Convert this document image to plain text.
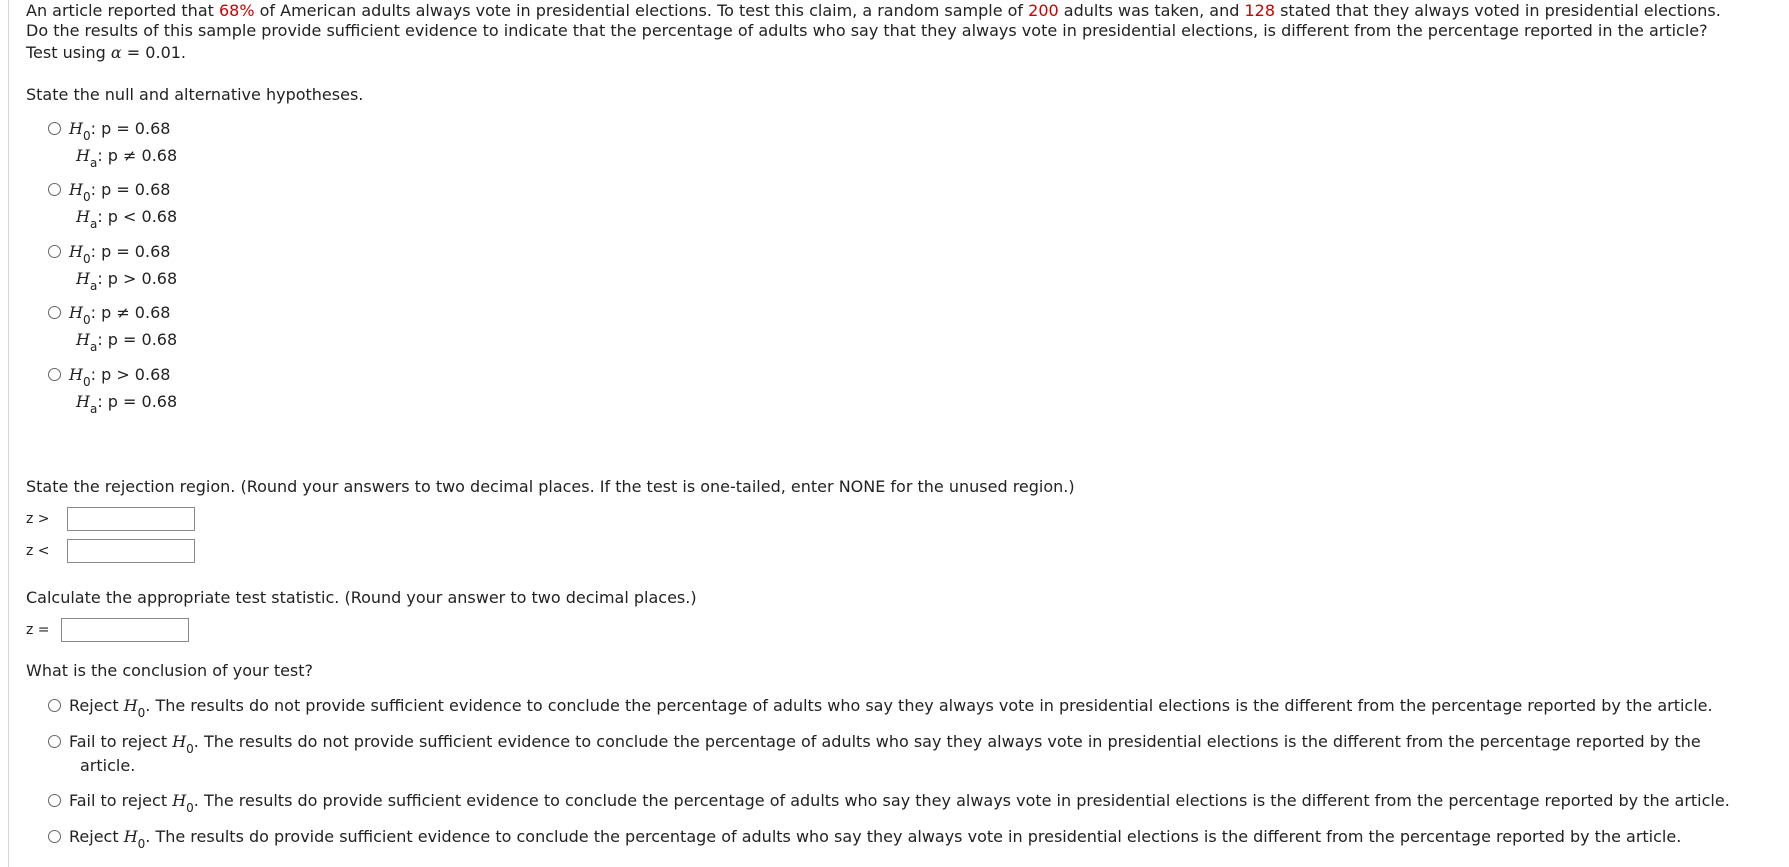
An article reported that 68% of American adults always vote in presidential elections. To test this claim, a random sample of 200 adults was taken, and 128 stated that they always voted in presidential elections.
Do the results of this sample provide sufficient evidence to indicate that the percentage of adults who say that they always vote in presidential elections, is different from the percentage reported in the article?
Test using α = 0.01.
State the null and alternative hypotheses.
$H_0$: p = 0.68
$H_a$: p ≠ 0.68
$H_0$: p = 0.68
$H_a$: p < 0.68
$H_0$: p = 0.68
$H_a$: p > 0.68
$H_0$: p ≠ 0.68
$H_a$: p = 0.68
$H_0$: p > 0.68
$H_a$: p = 0.68
State the rejection region. (Round your answers to two decimal places. If the test is one-tailed, enter NONE for the unused region.)
z >
z <
Calculate the appropriate test statistic. (Round your answer to two decimal places.)
z =
What is the conclusion of your test?
Reject $H_0$. The results do not provide sufficient evidence to conclude the percentage of adults who say they always vote in presidential elections is the different from the percentage reported by the article.
Fail to reject $H_0$. The results do not provide sufficient evidence to conclude the percentage of adults who say they always vote in presidential elections is the different from the percentage reported by the
article.
Fail to reject $H_0$. The results do provide sufficient evidence to conclude the percentage of adults who say they always vote in presidential elections is the different from the percentage reported by the article.
Reject $H_0$. The results do provide sufficient evidence to conclude the percentage of adults who say they always vote in presidential elections is the different from the percentage reported by the article.
